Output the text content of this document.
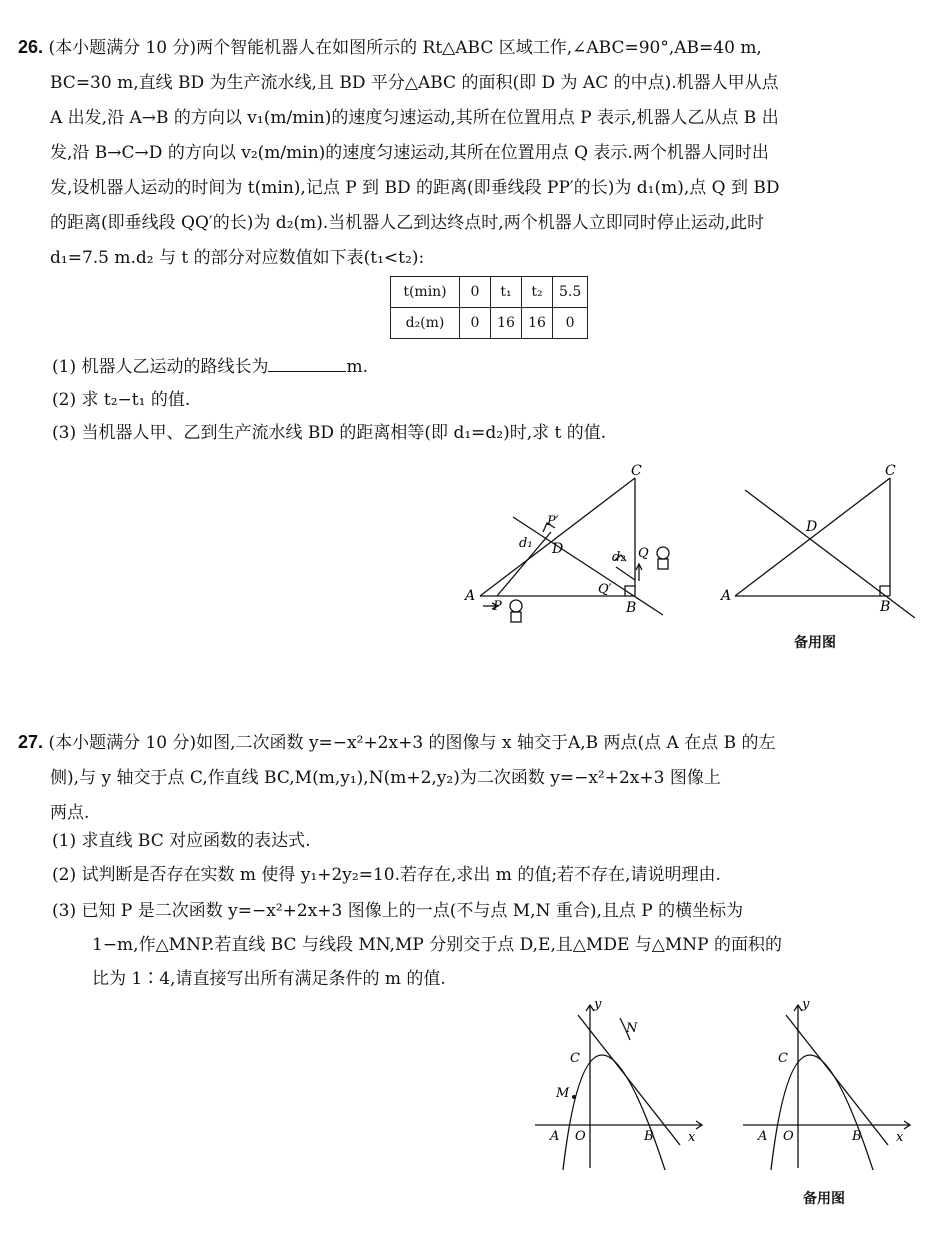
26. (本小题满分 10 分)两个智能机器人在如图所示的 Rt△ABC 区域工作,∠ABC=90°,AB=40 m,
BC=30 m,直线 BD 为生产流水线,且 BD 平分△ABC 的面积(即 D 为 AC 的中点).机器人甲从点
A 出发,沿 A→B 的方向以 v₁(m/min)的速度匀速运动,其所在位置用点 P 表示,机器人乙从点 B 出
发,沿 B→C→D 的方向以 v₂(m/min)的速度匀速运动,其所在位置用点 Q 表示.两个机器人同时出
发,设机器人运动的时间为 t(min),记点 P 到 BD 的距离(即垂线段 PP′的长)为 d₁(m),点 Q 到 BD
的距离(即垂线段 QQ′的长)为 d₂(m).当机器人乙到达终点时,两个机器人立即同时停止运动,此时
d₁=7.5 m.d₂ 与 t 的部分对应数值如下表(t₁<t₂):
t(min)	0	t₁	t₂	5.5
d₂(m)	0	16	16	0
(1) 机器人乙运动的路线长为	m.
(2) 求 t₂−t₁ 的值.
(3) 当机器人甲、乙到生产流水线 BD 的距离相等(即 d₁=d₂)时,求 t 的值.
A
B
C
D
P
P′
Q
Q′
d₁
d₂
A
B
C
D
备用图
27. (本小题满分 10 分)如图,二次函数 y=−x²+2x+3 的图像与 x 轴交于A,B 两点(点 A 在点 B 的左
侧),与 y 轴交于点 C,作直线 BC,M(m,y₁),N(m+2,y₂)为二次函数 y=−x²+2x+3 图像上
两点.
(1) 求直线 BC 对应函数的表达式.
(2) 试判断是否存在实数 m 使得 y₁+2y₂=10.若存在,求出 m 的值;若不存在,请说明理由.
(3) 已知 P 是二次函数 y=−x²+2x+3 图像上的一点(不与点 M,N 重合),且点 P 的横坐标为
1−m,作△MNP.若直线 BC 与线段 MN,MP 分别交于点 D,E,且△MDE 与△MNP 的面积的
比为 1∶4,请直接写出所有满足条件的 m 的值.
y
x
A O	B
C
M
N
y
x
A O	B
C
备用图
